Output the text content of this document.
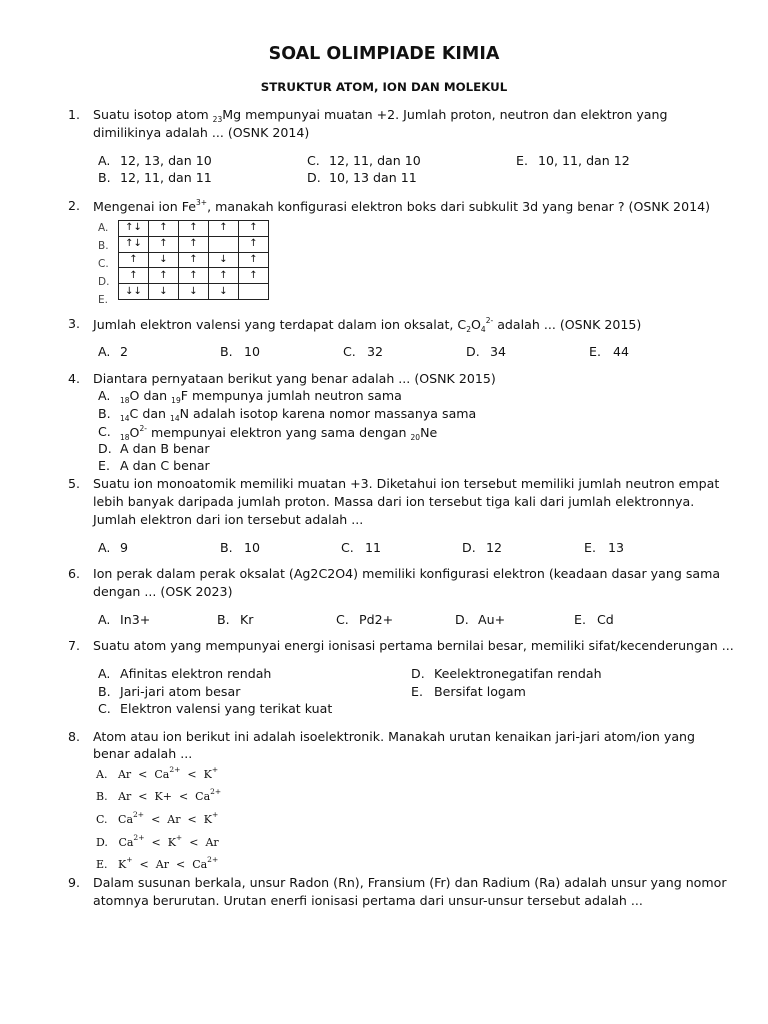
SOAL OLIMPIADE KIMIA
STRUKTUR ATOM, ION DAN MOLEKUL
1. Suatu isotop atom $_{23}$Mg mempunyai muatan +2. Jumlah proton, neutron dan elektron yang
dimilikinya adalah ... (OSNK 2014)
A. 12, 13, dan 10
B. 12, 11, dan 11
C. 12, 11, dan 10
D. 10, 13 dan 11
E. 10, 11, dan 12
2. Mengenai ion $Fe^{3+}$, manakah konfigurasi elektron boks dari subkulit 3d yang benar ? (OSNK 2014)
A.
B.
C.
D.
E.
↑↓	↑	↑	↑	↑
↑↓	↑	↑		↑
↑	↓	↑	↓	↑
↑	↑	↑	↑	↑
↓↓	↓	↓	↓	
3. Jumlah elektron valensi yang terdapat dalam ion oksalat, $C_2O_4^{2-}$ adalah ... (OSNK 2015)
A. 2	B. 10	C. 32	D. 34	E. 44
4. Diantara pernyataan berikut yang benar adalah ... (OSNK 2015)
A. $_{18}$O dan $_{19}$F mempunya jumlah neutron sama
B. $_{14}$C dan $_{14}$N adalah isotop karena nomor massanya sama
C. $_{18}O^{2-}$ mempunyai elektron yang sama dengan $_{20}$Ne
D. A dan B benar
E. A dan C benar
5. Suatu ion monoatomik memiliki muatan +3. Diketahui ion tersebut memiliki jumlah neutron empat
lebih banyak daripada jumlah proton. Massa dari ion tersebut tiga kali dari jumlah elektronnya.
Jumlah elektron dari ion tersebut adalah ...
A. 9	B. 10	C. 11	D. 12	E. 13
6. Ion perak dalam perak oksalat (Ag2C2O4) memiliki konfigurasi elektron (keadaan dasar yang sama
dengan ... (OSK 2023)
A. In3+	B. Kr	C. Pd2+	D. Au+	E. Cd
7. Suatu atom yang mempunyai energi ionisasi pertama bernilai besar, memiliki sifat/kecenderungan ...
A. Afinitas elektron rendah
B. Jari-jari atom besar
C. Elektron valensi yang terikat kuat
D. Keelektronegatifan rendah
E. Bersifat logam
8. Atom atau ion berikut ini adalah isoelektronik. Manakah urutan kenaikan jari-jari atom/ion yang
benar adalah ...
A. $Ar < Ca^{2+} < K^+$
B. $Ar < K+ < Ca^{2+}$
C. $Ca^{2+} < Ar < K^+$
D. $Ca^{2+} < K^+ < Ar$
E. $K^+ < Ar < Ca^{2+}$
9. Dalam susunan berkala, unsur Radon (Rn), Fransium (Fr) dan Radium (Ra) adalah unsur yang nomor
atomnya berurutan. Urutan enerfi ionisasi pertama dari unsur-unsur tersebut adalah ...
